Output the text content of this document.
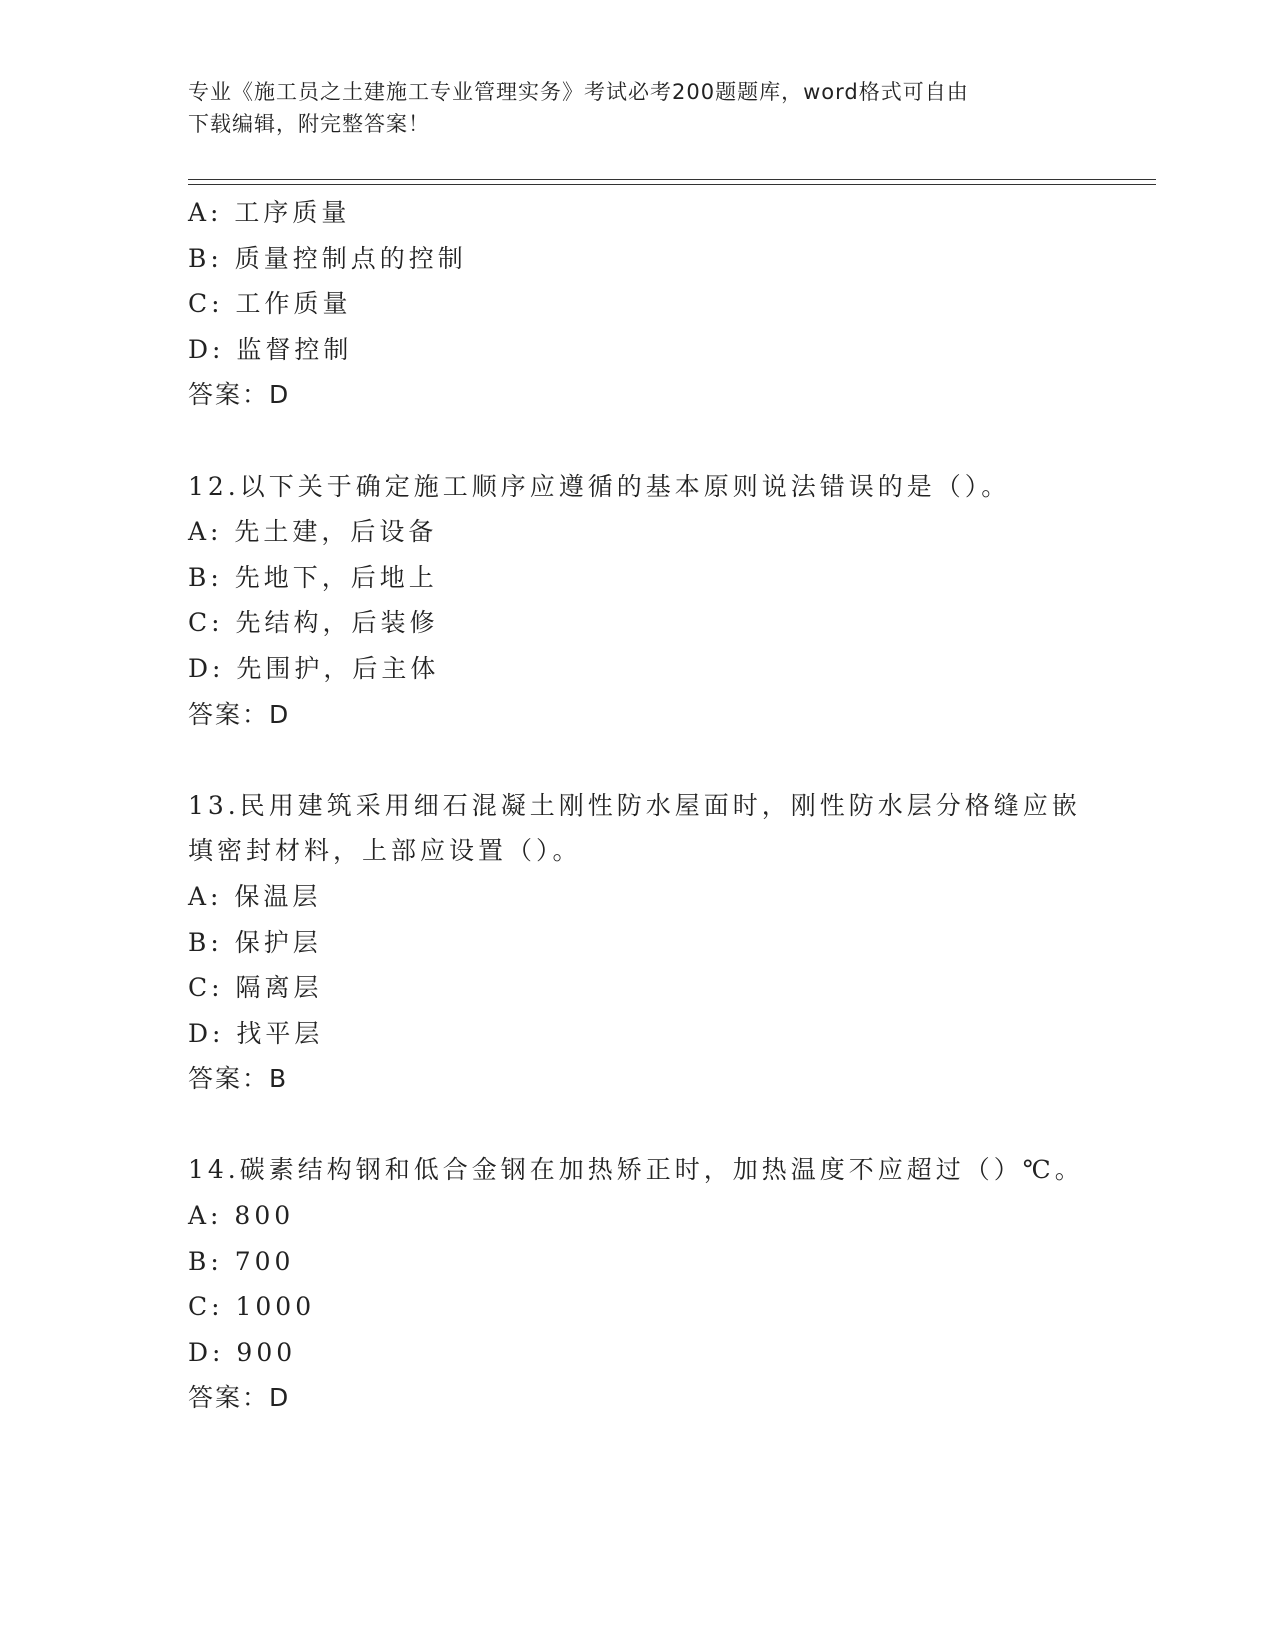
专业《施工员之土建施工专业管理实务》考试必考200题题库，word格式可自由
下载编辑，附完整答案！
A: 工序质量
B: 质量控制点的控制
C: 工作质量
D: 监督控制
答案：D
12.以下关于确定施工顺序应遵循的基本原则说法错误的是（）。
A: 先土建，后设备
B: 先地下，后地上
C: 先结构，后装修
D: 先围护，后主体
答案：D
13.民用建筑采用细石混凝土刚性防水屋面时，刚性防水层分格缝应嵌
填密封材料，上部应设置（）。
A: 保温层
B: 保护层
C: 隔离层
D: 找平层
答案：B
14.碳素结构钢和低合金钢在加热矫正时，加热温度不应超过（）℃。
A: 800
B: 700
C: 1000
D: 900
答案：D
